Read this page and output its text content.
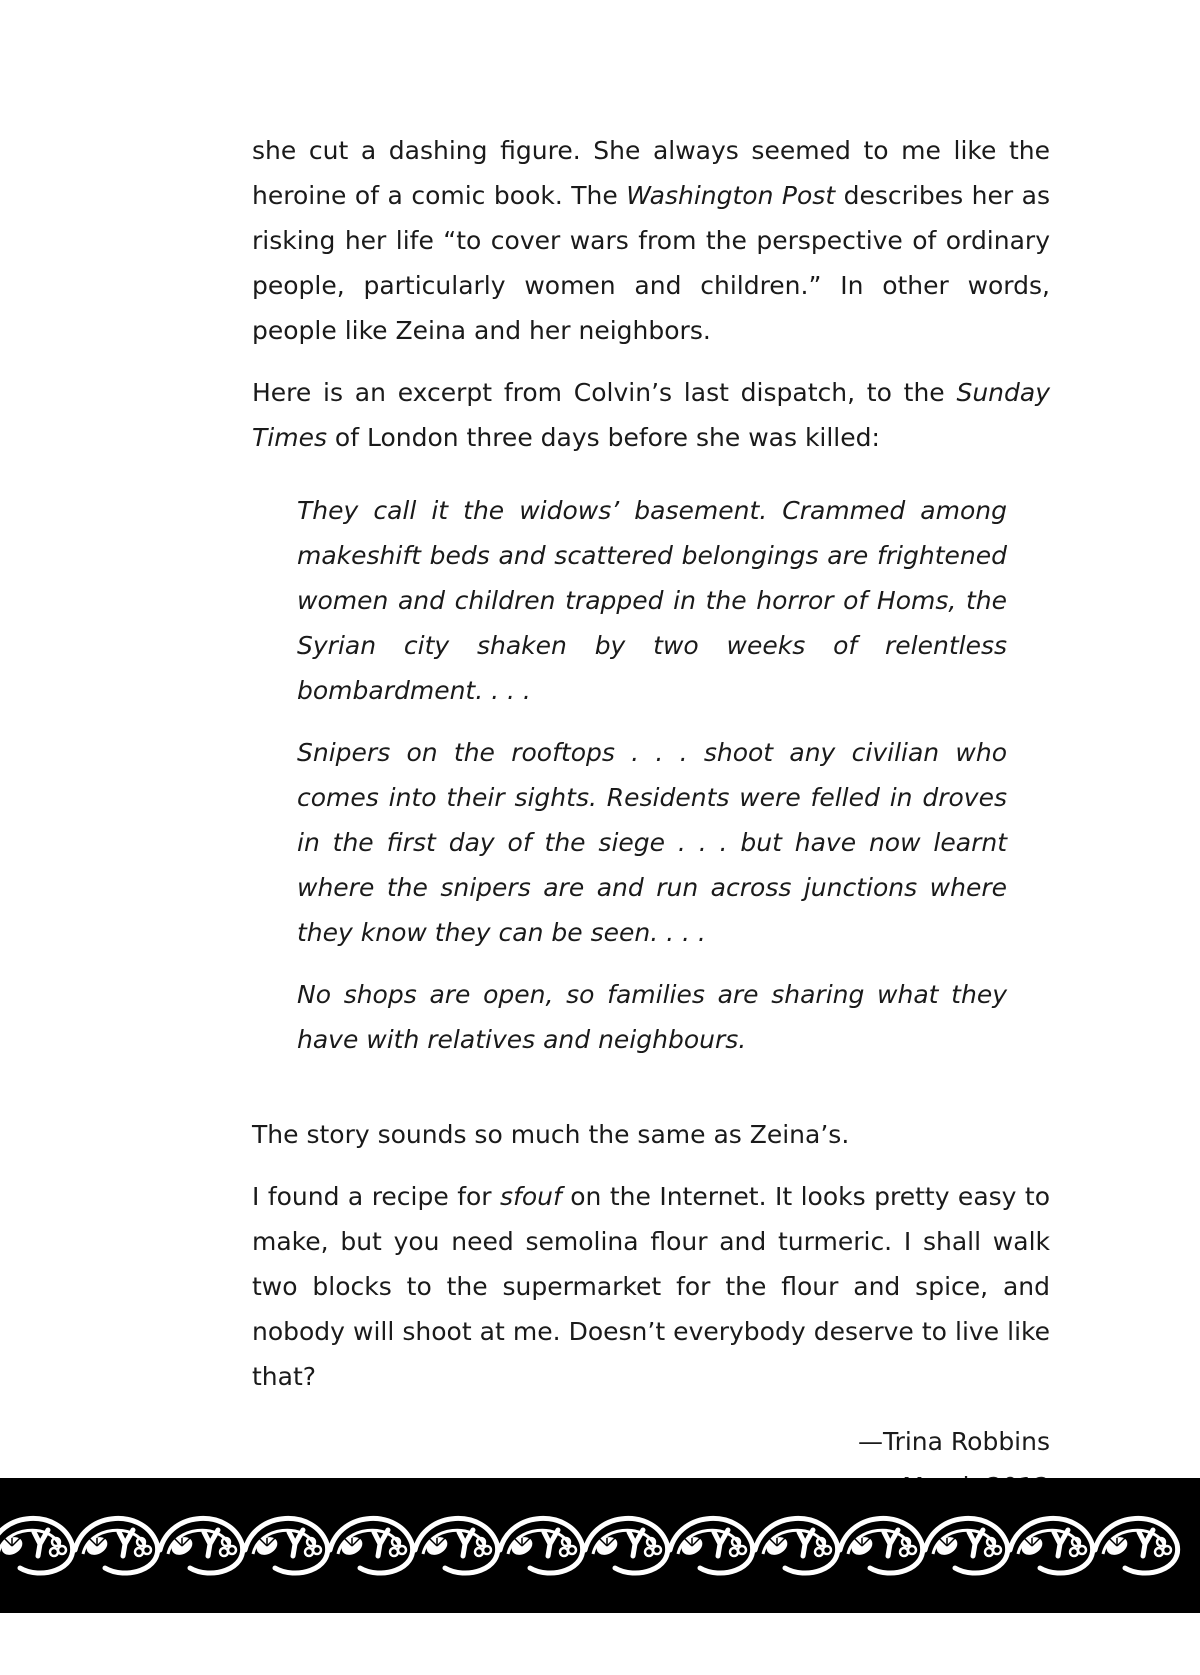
she cut a dashing figure. She always seemed to me like the heroine of a comic book. The Washington Post describes her as risking her life “to cover wars from the perspective of ordinary people, particularly women and children.” In other words, people like Zeina and her neighbors.

Here is an excerpt from Colvin’s last dispatch, to the Sunday Times of London three days before she was killed:

They call it the widows’ basement. Crammed among makeshift beds and scattered belongings are frightened women and children trapped in the horror of Homs, the Syrian city shaken by two weeks of relentless bombardment. . . .

Snipers on the rooftops . . . shoot any civilian who comes into their sights. Residents were felled in droves in the first day of the siege . . . but have now learnt where the snipers are and run across junctions where they know they can be seen. . . .

No shops are open, so families are sharing what they have with relatives and neighbours.

The story sounds so much the same as Zeina’s.

I found a recipe for sfouf on the Internet. It looks pretty easy to make, but you need semolina flour and turmeric. I shall walk two blocks to the supermarket for the flour and spice, and nobody will shoot at me. Doesn’t everybody deserve to live like that?

—Trina Robbins
